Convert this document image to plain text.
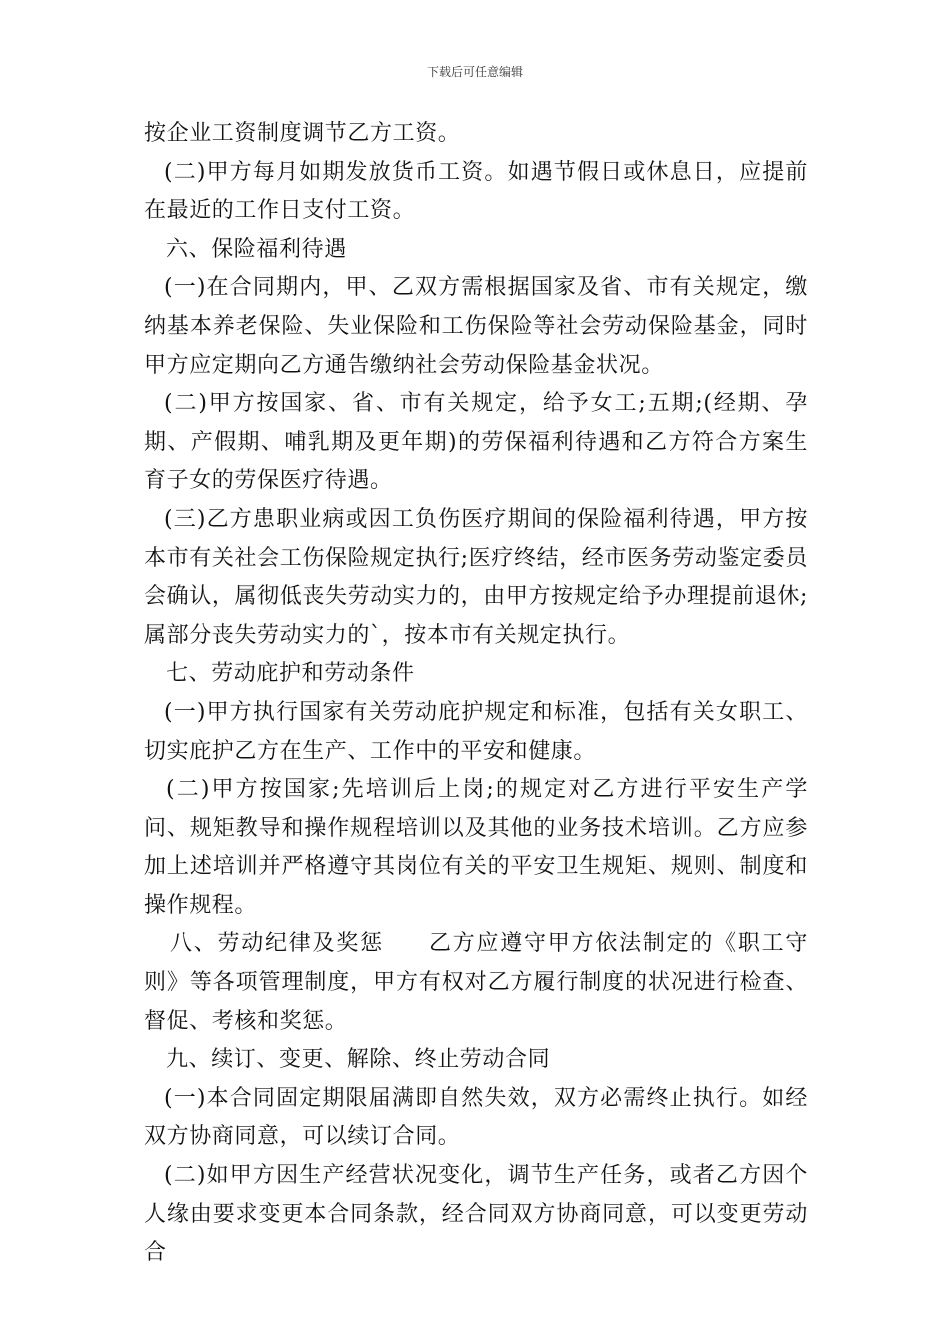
下载后可任意编辑

按企业工资制度调节乙方工资。

(二)甲方每月如期发放货币工资。如遇节假日或休息日，应提前在最近的工作日支付工资。

六、保险福利待遇

(一)在合同期内，甲、乙双方需根据国家及省、市有关规定，缴纳基本养老保险、失业保险和工伤保险等社会劳动保险基金，同时甲方应定期向乙方通告缴纳社会劳动保险基金状况。

(二)甲方按国家、省、市有关规定，给予女工;五期;(经期、孕期、产假期、哺乳期及更年期)的劳保福利待遇和乙方符合方案生育子女的劳保医疗待遇。

(三)乙方患职业病或因工负伤医疗期间的保险福利待遇，甲方按本市有关社会工伤保险规定执行;医疗终结，经市医务劳动鉴定委员会确认，属彻低丧失劳动实力的，由甲方按规定给予办理提前退休;属部分丧失劳动实力的`，按本市有关规定执行。

七、劳动庇护和劳动条件

(一)甲方执行国家有关劳动庇护规定和标准，包括有关女职工、切实庇护乙方在生产、工作中的平安和健康。

(二)甲方按国家;先培训后上岗;的规定对乙方进行平安生产学问、规矩教导和操作规程培训以及其他的业务技术培训。乙方应参加上述培训并严格遵守其岗位有关的平安卫生规矩、规则、制度和操作规程。

八、劳动纪律及奖惩 乙方应遵守甲方依法制定的《职工守则》等各项管理制度，甲方有权对乙方履行制度的状况进行检查、督促、考核和奖惩。

九、续订、变更、解除、终止劳动合同

(一)本合同固定期限届满即自然失效，双方必需终止执行。如经双方协商同意，可以续订合同。

(二)如甲方因生产经营状况变化，调节生产任务，或者乙方因个人缘由要求变更本合同条款，经合同双方协商同意，可以变更劳动合
